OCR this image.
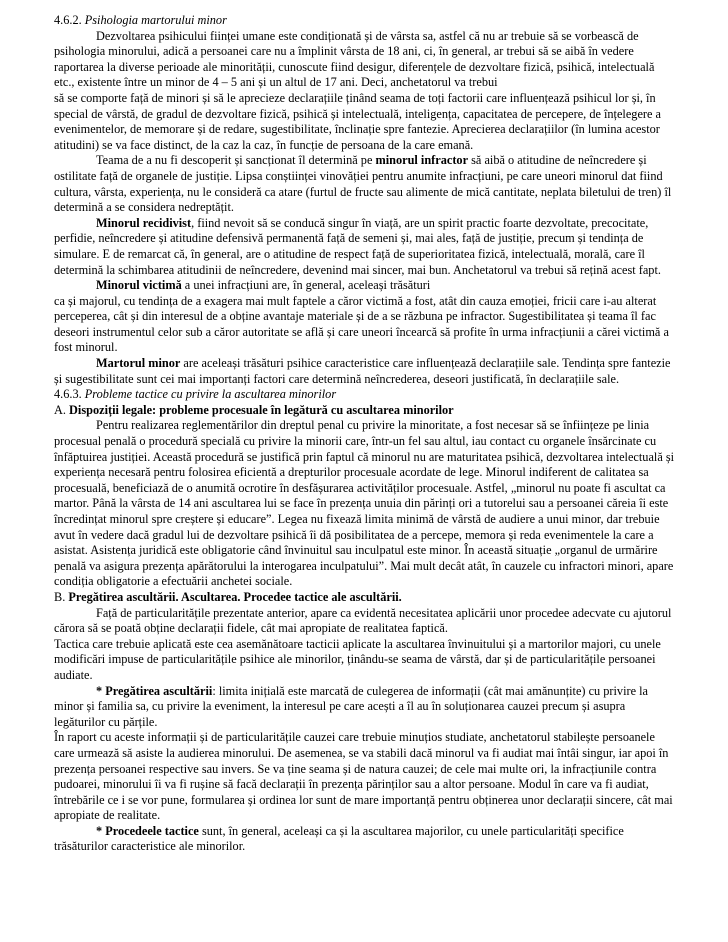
4.6.2. Psihologia martorului minor

Dezvoltarea psihicului ființei umane este condiționată și de vârsta sa, astfel că nu ar trebuie să se vorbească de psihologia minorului, adică a persoanei care nu a împlinit vârsta de 18 ani, ci, în general, ar trebui să se aibă în vedere raportarea la diverse perioade ale minorității, cunoscute fiind desigur, diferențele de dezvoltare fizică, psihică, intelectuală etc., existente între un minor de 4 – 5 ani și un altul de 17 ani. Deci, anchetatorul va trebui

să se comporte față de minori și să le aprecieze declarațiile ținând seama de toți factorii care influențează psihicul lor și, în special de vârstă, de gradul de dezvoltare fizică, psihică și intelectuală, inteligența, capacitatea de percepere, de înțelegere a evenimentelor, de memorare și de redare, sugestibilitate, înclinație spre fantezie. Aprecierea declarațiilor (în lumina acestor atitudini) se va face distinct, de la caz la caz, în funcție de persoana de la care emană.

Teama de a nu fi descoperit și sancționat îl determină pe minorul infractor să aibă o atitudine de neîncredere și ostilitate față de organele de justiție. Lipsa conștiinței vinovăției pentru anumite infracțiuni, pe care uneori minorul dat fiind cultura, vârsta, experiența, nu le consideră ca atare (furtul de fructe sau alimente de mică cantitate, neplata biletului de tren) îl determină a se considera nedreptățit.

Minorul recidivist, fiind nevoit să se conducă singur în viață, are un spirit practic foarte dezvoltate, precocitate, perfidie, neîncredere și atitudine defensivă permanentă față de semeni și, mai ales, față de justiție, precum și tendința de simulare. E de remarcat că, în general, are o atitudine de respect față de superioritatea fizică, intelectuală, morală, care îl determină la schimbarea atitudinii de neîncredere, devenind mai sincer, mai bun. Anchetatorul va trebui să rețină acest fapt.

Minorul victimă a unei infracțiuni are, în general, aceleași trăsături

ca și majorul, cu tendința de a exagera mai mult faptele a căror victimă a fost, atât din cauza emoției, fricii care i-au alterat perceperea, cât și din interesul de a obține avantaje materiale și de a se răzbuna pe infractor. Sugestibilitatea și teama îl fac deseori instrumentul celor sub a căror autoritate se află și care uneori încearcă să profite în urma infracțiunii a cărei victimă a fost minorul.

Martorul minor are aceleași trăsături psihice caracteristice care influențează declarațiile sale. Tendința spre fantezie și sugestibilitate sunt cei mai importanți factori care determină neîncrederea, deseori justificată, în declarațiile sale.

4.6.3. Probleme tactice cu privire la ascultarea minorilor

A. Dispoziții legale: probleme procesuale în legătură cu ascultarea minorilor

Pentru realizarea reglementărilor din dreptul penal cu privire la minoritate, a fost necesar să se înființeze pe linia procesual penală o procedură specială cu privire la minorii care, într-un fel sau altul, iau contact cu organele însărcinate cu înfăptuirea justiției. Această procedură se justifică prin faptul că minorul nu are maturitatea psihică, dezvoltarea intelectuală și experiența necesară pentru folosirea eficientă a drepturilor procesuale acordate de lege. Minorul indiferent de calitatea sa procesuală, beneficiază de o anumită ocrotire în desfășurarea activităților procesuale. Astfel, „minorul nu poate fi ascultat ca martor. Până la vârsta de 14 ani ascultarea lui se face în prezența unuia din părinți ori a tutorelui sau a persoanei căreia îi este încredințat minorul spre creștere și educare”. Legea nu fixează limita minimă de vârstă de audiere a unui minor, dar trebuie avut în vedere dacă gradul lui de dezvoltare psihică îi dă posibilitatea de a percepe, memora și reda evenimentele la care a asistat. Asistența juridică este obligatorie când învinuitul sau inculpatul este minor. În această situație „organul de urmărire penală va asigura prezența apărătorului la interogarea inculpatului”. Mai mult decât atât, în cauzele cu infractori minori, apare condiția obligatorie a efectuării anchetei sociale.

B. Pregătirea ascultării. Ascultarea. Procedee tactice ale ascultării.

Față de particularitățile prezentate anterior, apare ca evidentă necesitatea aplicării unor procedee adecvate cu ajutorul cărora să se poată obține declarații fidele, cât mai apropiate de realitatea faptică.

Tactica care trebuie aplicată este cea asemănătoare tacticii aplicate la ascultarea învinuitului și a martorilor majori, cu unele modificări impuse de particularitățile psihice ale minorilor, ținându-se seama de vârstă, dar și de particularitățile persoanei audiate.

* Pregătirea ascultării: limita inițială este marcată de culegerea de informații (cât mai amănunțite) cu privire la minor și familia sa, cu privire la eveniment, la interesul pe care acești a îl au în soluționarea cauzei precum și asupra legăturilor cu părțile.

În raport cu aceste informații și de particularitățile cauzei care trebuie minuțios studiate, anchetatorul stabilește persoanele care urmează să asiste la audierea minorului. De asemenea, se va stabili dacă minorul va fi audiat mai întâi singur, iar apoi în prezența persoanei respective sau invers. Se va ține seama și de natura cauzei; de cele mai multe ori, la infracțiunile contra pudoarei, minorului îi va fi rușine să facă declarații în prezența părinților sau a altor persoane. Modul în care va fi audiat, întrebările ce i se vor pune, formularea și ordinea lor sunt de mare importanță pentru obținerea unor declarații sincere, cât mai apropiate de realitate.

* Procedeele tactice sunt, în general, aceleași ca și la ascultarea majorilor, cu unele particularități specifice trăsăturilor caracteristice ale minorilor.
